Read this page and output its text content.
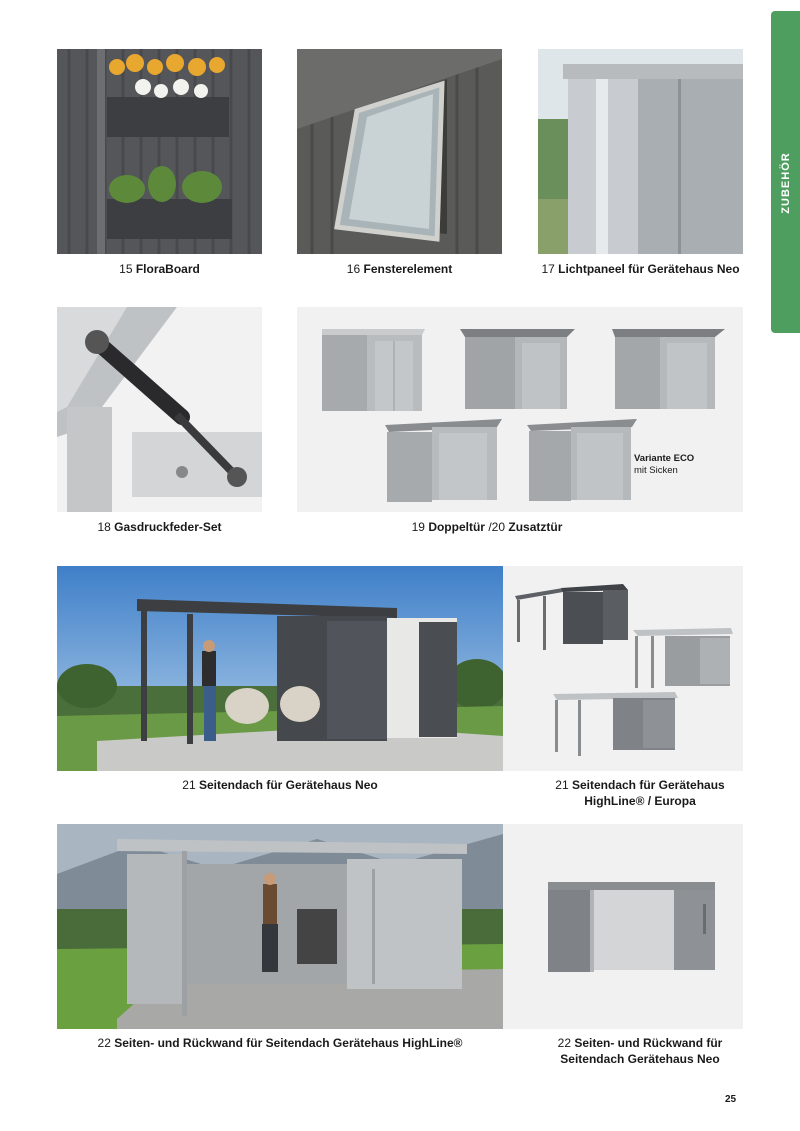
ZUBEHÖR
15 FloraBoard	16 Fensterelement	17 Lichtpaneel für Gerätehaus Neo
18 Gasdruckfeder-Set
Variante ECO
mit Sicken
19 Doppeltür /20 Zusatztür
21 Seitendach für Gerätehaus Neo	21 Seitendach für Gerätehaus
HighLine® / Europa
22 Seiten- und Rückwand für Seitendach Gerätehaus HighLine®	22 Seiten- und Rückwand für
Seitendach Gerätehaus Neo
25
